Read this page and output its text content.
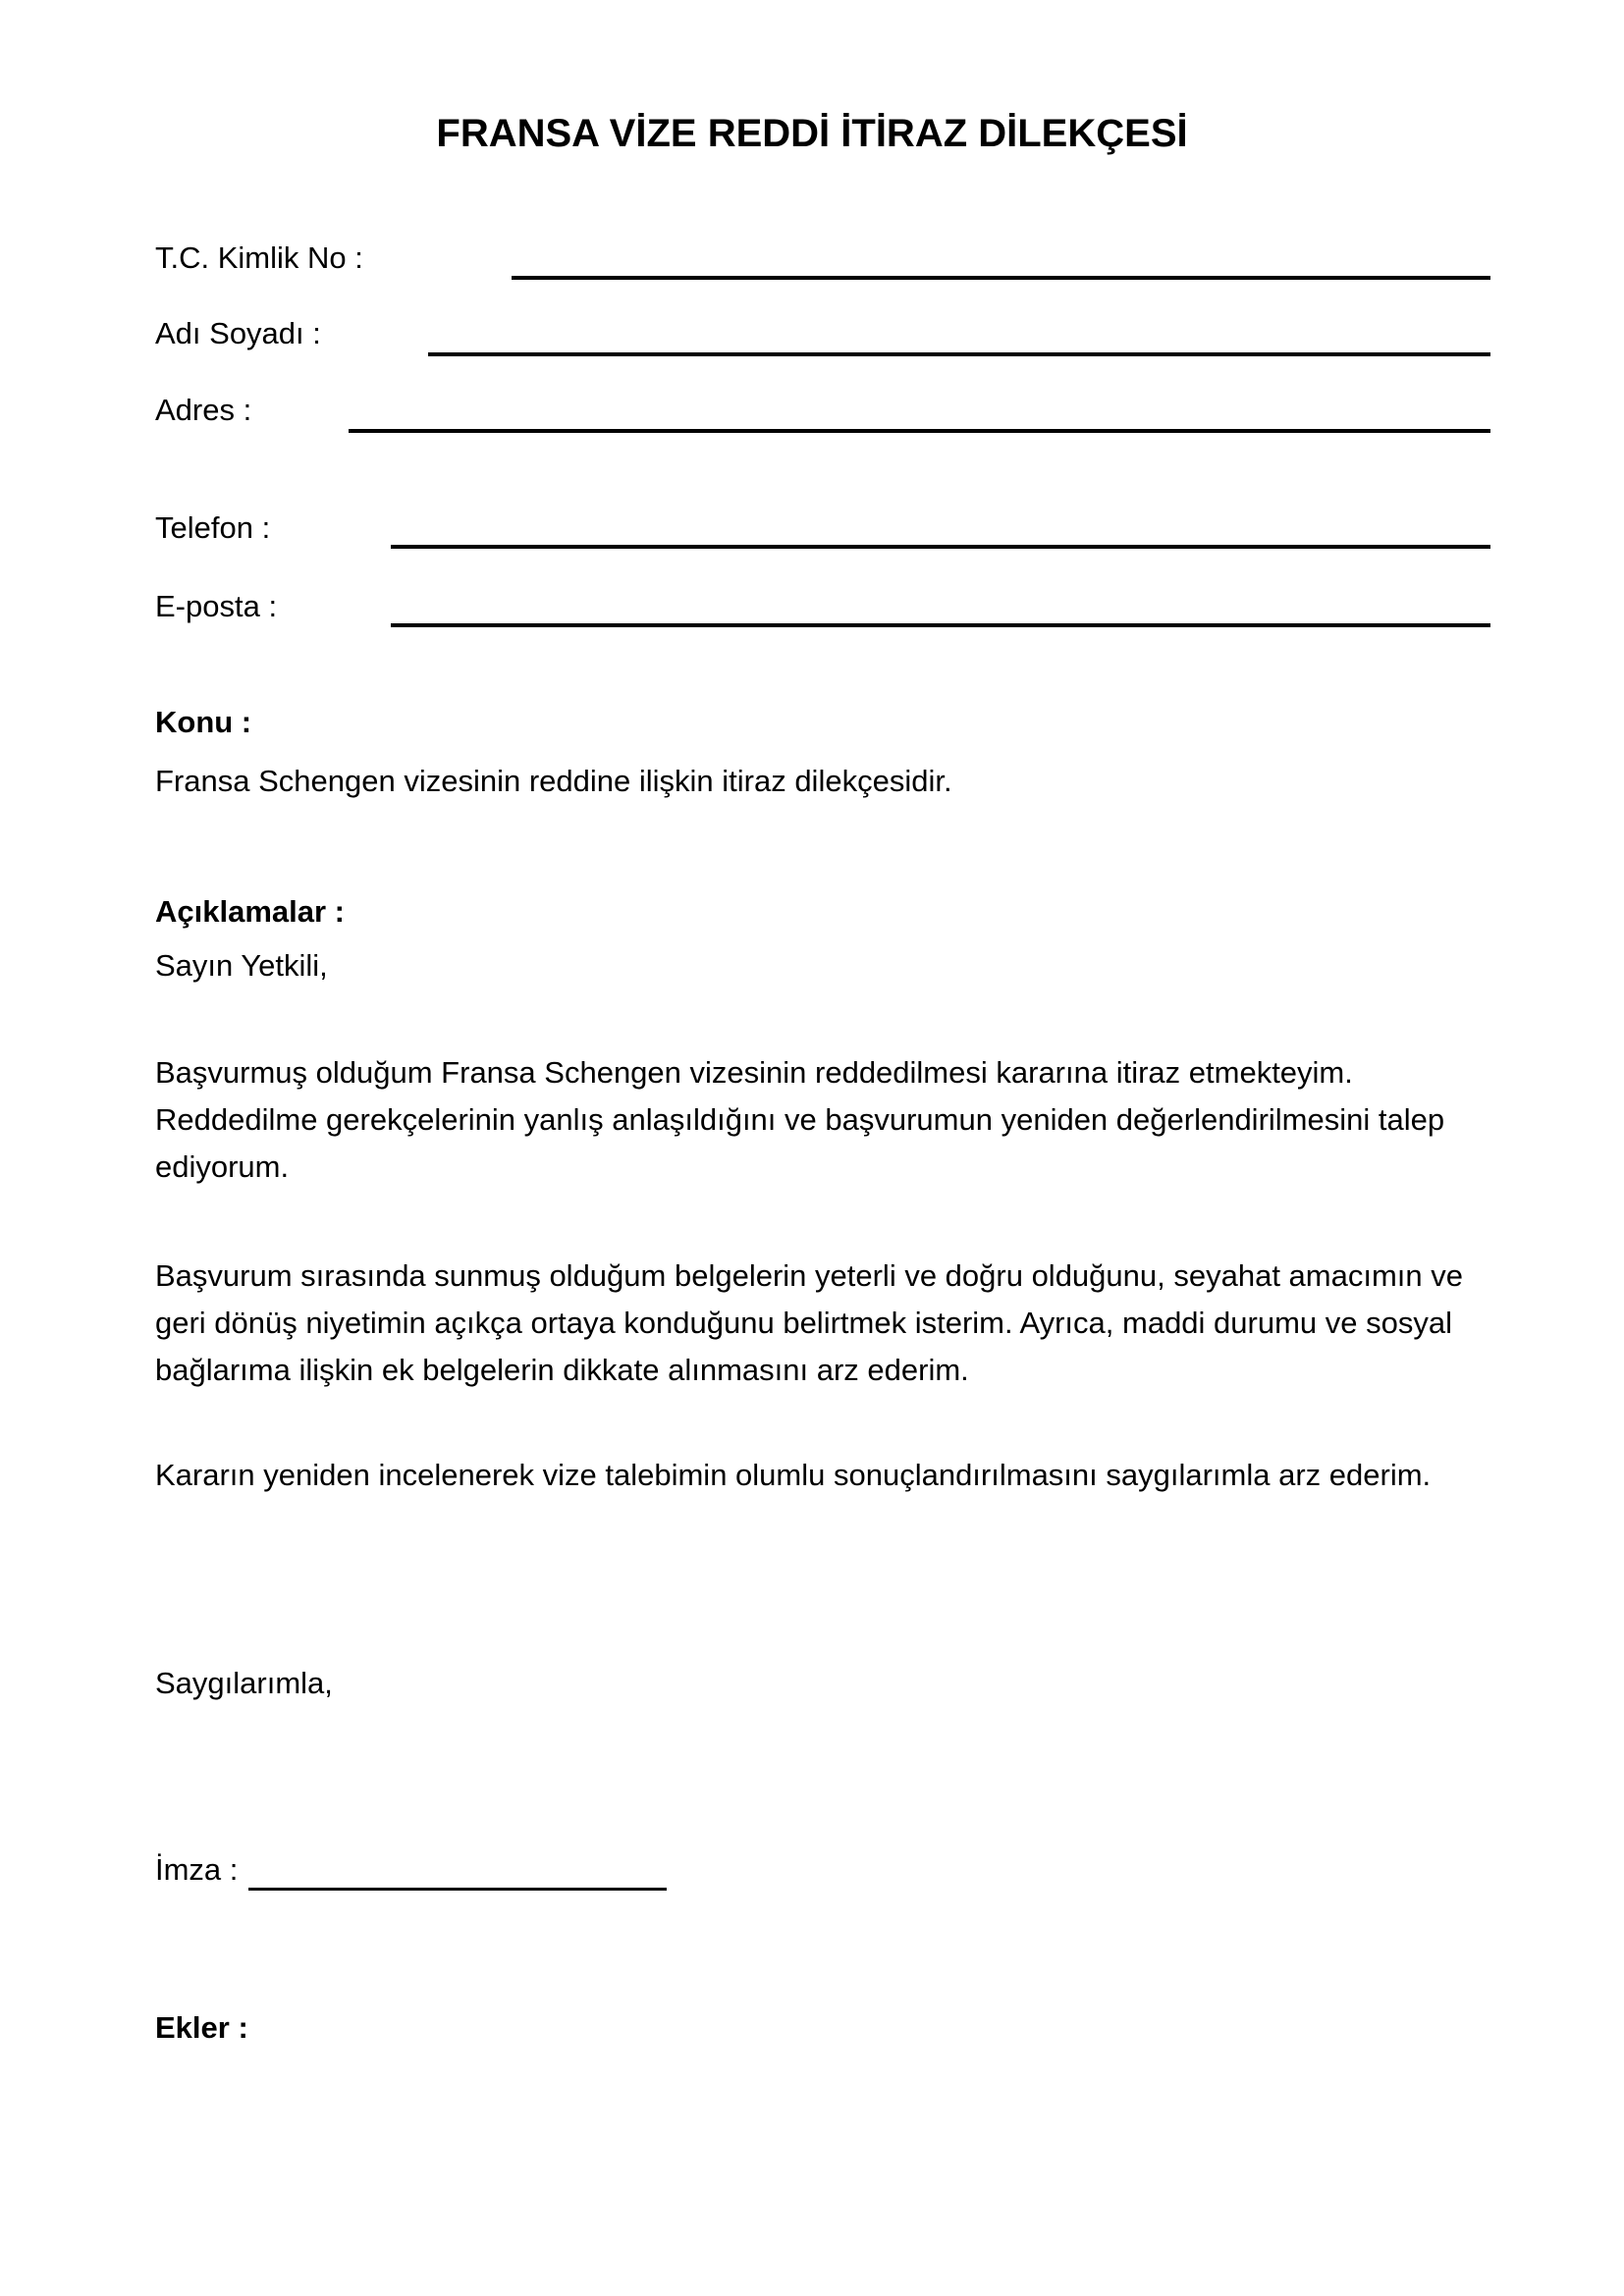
FRANSA VİZE REDDİ İTİRAZ DİLEKÇESİ
T.C. Kimlik No :
Adı Soyadı :
Adres :
Telefon :
E-posta :
Konu :
Fransa Schengen vizesinin reddine ilişkin itiraz dilekçesidir.
Açıklamalar :
Sayın Yetkili,
Başvurmuş olduğum Fransa Schengen vizesinin reddedilmesi kararına itiraz etmekteyim. Reddedilme gerekçelerinin yanlış anlaşıldığını ve başvurumun yeniden değerlendirilmesini talep ediyorum.
Başvurum sırasında sunmuş olduğum belgelerin yeterli ve doğru olduğunu, seyahat amacımın ve geri dönüş niyetimin açıkça ortaya konduğunu belirtmek isterim. Ayrıca, maddi durumu ve sosyal bağlarıma ilişkin ek belgelerin dikkate alınmasını arz ederim.
Kararın yeniden incelenerek vize talebimin olumlu sonuçlandırılmasını saygılarımla arz ederim.
Saygılarımla,
İmza :
Ekler :
